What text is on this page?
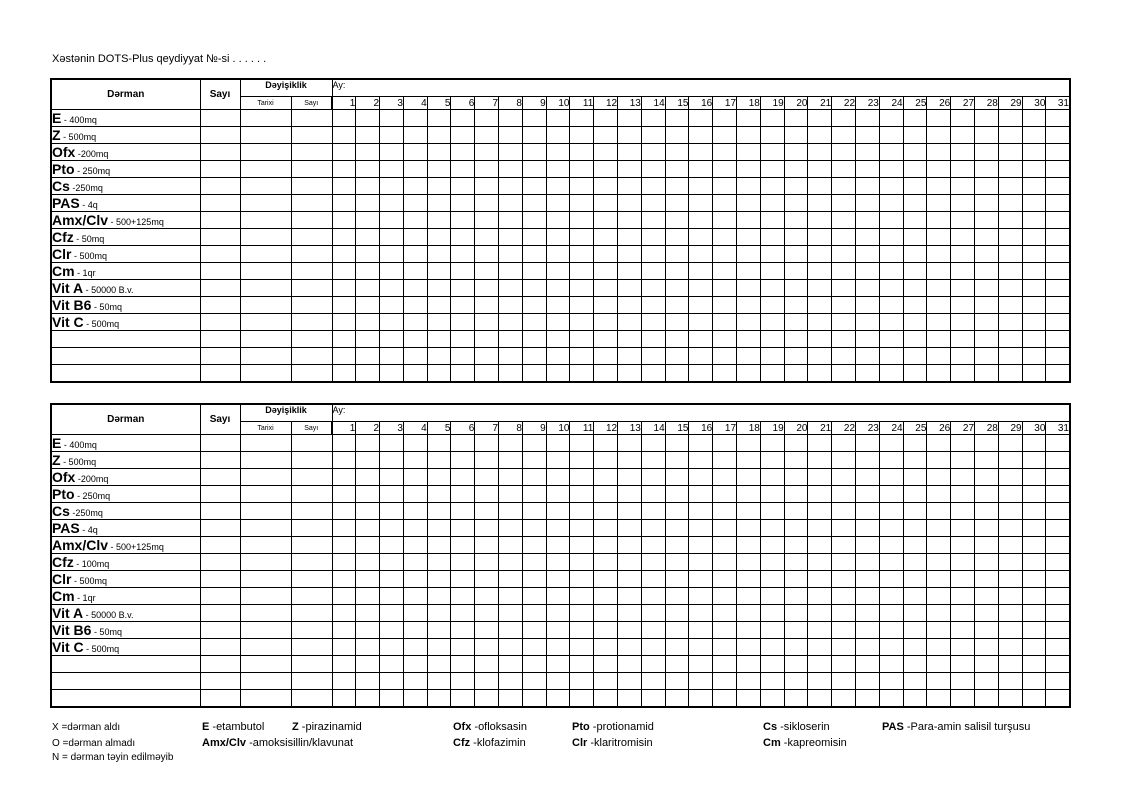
Xəstənin DOTS-Plus qeydiyyat №-si . . . . . .
Dərman	Sayı	Dəyişiklik		Ay:																														
		Tarixi	Sayı	1	2	3	4	5	6	7	8	9	10	11	12	13	14	15	16	17	18	19	20	21	22	23	24	25	26	27	28	29	30	31
E - 400mq																																		
Z - 500mq																																		
Ofx -200mq																																		
Pto - 250mq																																		
Cs -250mq																																		
PAS - 4q																																		
Amx/Clv - 500+125mq																																		
Cfz - 50mq																																		
Clr - 500mq																																		
Cm - 1qr																																		
Vit A - 50000 B.v.																																		
Vit B6 - 50mq																																		
Vit C - 500mq																																		

Dərman	Sayı	Dəyişiklik		Ay:																														
		Tarixi	Sayı	1	2	3	4	5	6	7	8	9	10	11	12	13	14	15	16	17	18	19	20	21	22	23	24	25	26	27	28	29	30	31
E - 400mq																																		
Z - 500mq																																		
Ofx -200mq																																		
Pto - 250mq																																		
Cs -250mq																																		
PAS - 4q																																		
Amx/Clv - 500+125mq																																		
Cfz - 100mq																																		
Clr - 500mq																																		
Cm - 1qr																																		
Vit A - 50000 B.v.																																		
Vit B6 - 50mq																																		
Vit C - 500mq																																		

X =dərman aldı
O =dərman almadı
N = dərman təyin edilməyib
E -etambutol	Z -pirazinamid	Ofx -ofloksasin	Pto -protionamid	Cs -sikloserin	PAS -Para-amin salisil turşusu
Amx/Clv -amoksisillin/klavunat	Cfz -klofazimin	Clr -klaritromisin	Cm -kapreomisin
